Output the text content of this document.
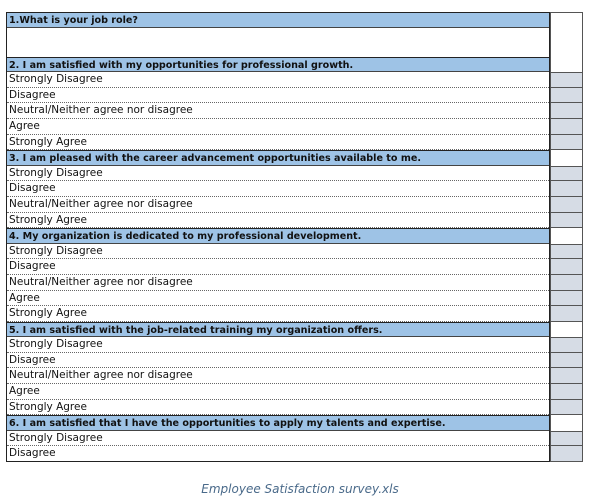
1.What is your job role?
2. I am satisfied with my opportunities for professional growth.
Strongly Disagree
Disagree
Neutral/Neither agree nor disagree
Agree
Strongly Agree
3. I am pleased with the career advancement opportunities available to me.
Strongly Disagree
Disagree
Neutral/Neither agree nor disagree
Strongly Agree
4. My organization is dedicated to my professional development.
Strongly Disagree
Disagree
Neutral/Neither agree nor disagree
Agree
Strongly Agree
5. I am satisfied with the job-related training my organization offers.
Strongly Disagree
Disagree
Neutral/Neither agree nor disagree
Agree
Strongly Agree
6. I am satisfied that I have the opportunities to apply my talents and expertise.
Strongly Disagree
Disagree
Employee Satisfaction survey.xls
